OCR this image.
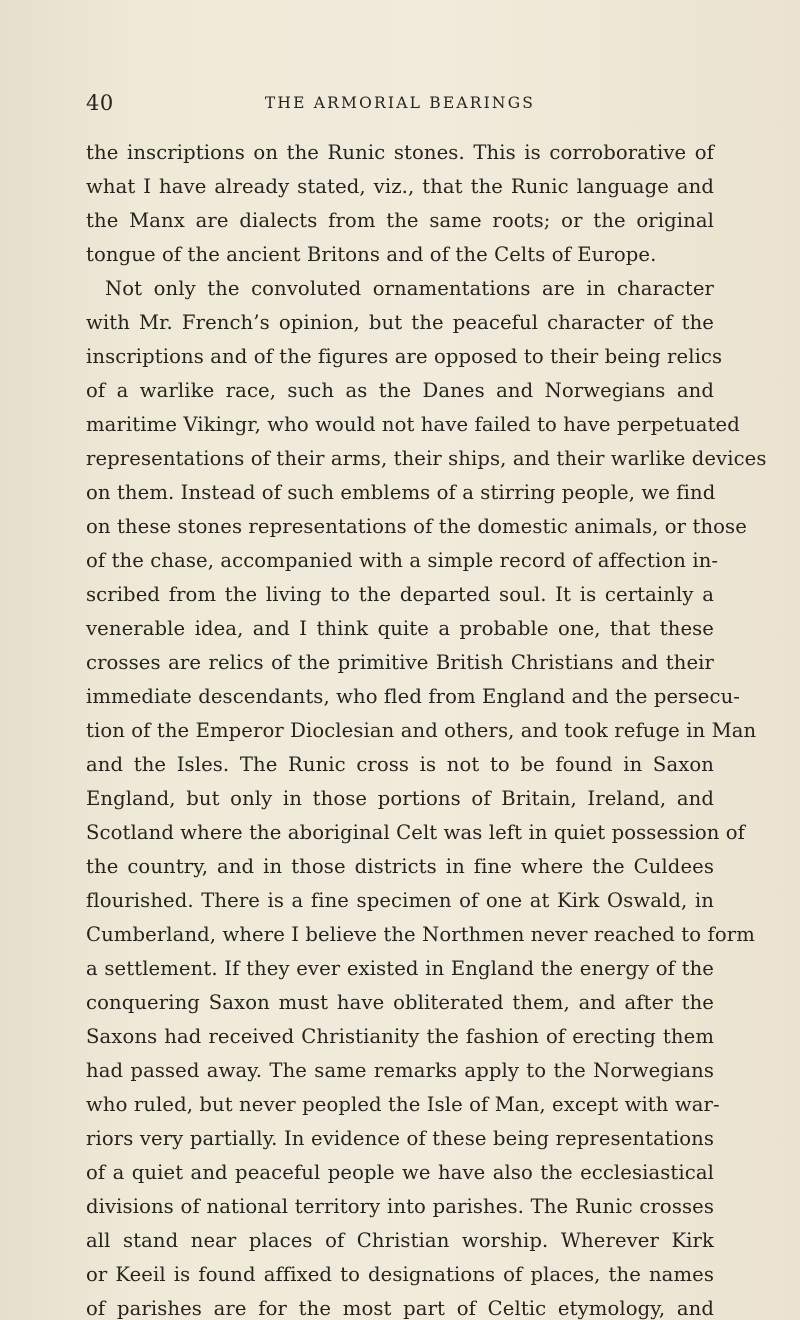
40	THE ARMORIAL BEARINGS
the inscriptions on the Runic stones. This is corroborative of
what I have already stated, viz., that the Runic language and
the Manx are dialects from the same roots; or the original
tongue of the ancient Britons and of the Celts of Europe.
Not only the convoluted ornamentations are in character
with Mr. French’s opinion, but the peaceful character of the
inscriptions and of the figures are opposed to their being relics
of a warlike race, such as the Danes and Norwegians and
maritime Vikingr, who would not have failed to have perpetuated
representations of their arms, their ships, and their warlike devices
on them. Instead of such emblems of a stirring people, we find
on these stones representations of the domestic animals, or those
of the chase, accompanied with a simple record of affection in-
scribed from the living to the departed soul. It is certainly a
venerable idea, and I think quite a probable one, that these
crosses are relics of the primitive British Christians and their
immediate descendants, who fled from England and the persecu-
tion of the Emperor Dioclesian and others, and took refuge in Man
and the Isles. The Runic cross is not to be found in Saxon
England, but only in those portions of Britain, Ireland, and
Scotland where the aboriginal Celt was left in quiet possession of
the country, and in those districts in fine where the Culdees
flourished. There is a fine specimen of one at Kirk Oswald, in
Cumberland, where I believe the Northmen never reached to form
a settlement. If they ever existed in England the energy of the
conquering Saxon must have obliterated them, and after the
Saxons had received Christianity the fashion of erecting them
had passed away. The same remarks apply to the Norwegians
who ruled, but never peopled the Isle of Man, except with war-
riors very partially. In evidence of these being representations
of a quiet and peaceful people we have also the ecclesiastical
divisions of national territory into parishes. The Runic crosses
all stand near places of Christian worship. Wherever Kirk
or Keeil is found affixed to designations of places, the names
of parishes are for the most part of Celtic etymology, and
